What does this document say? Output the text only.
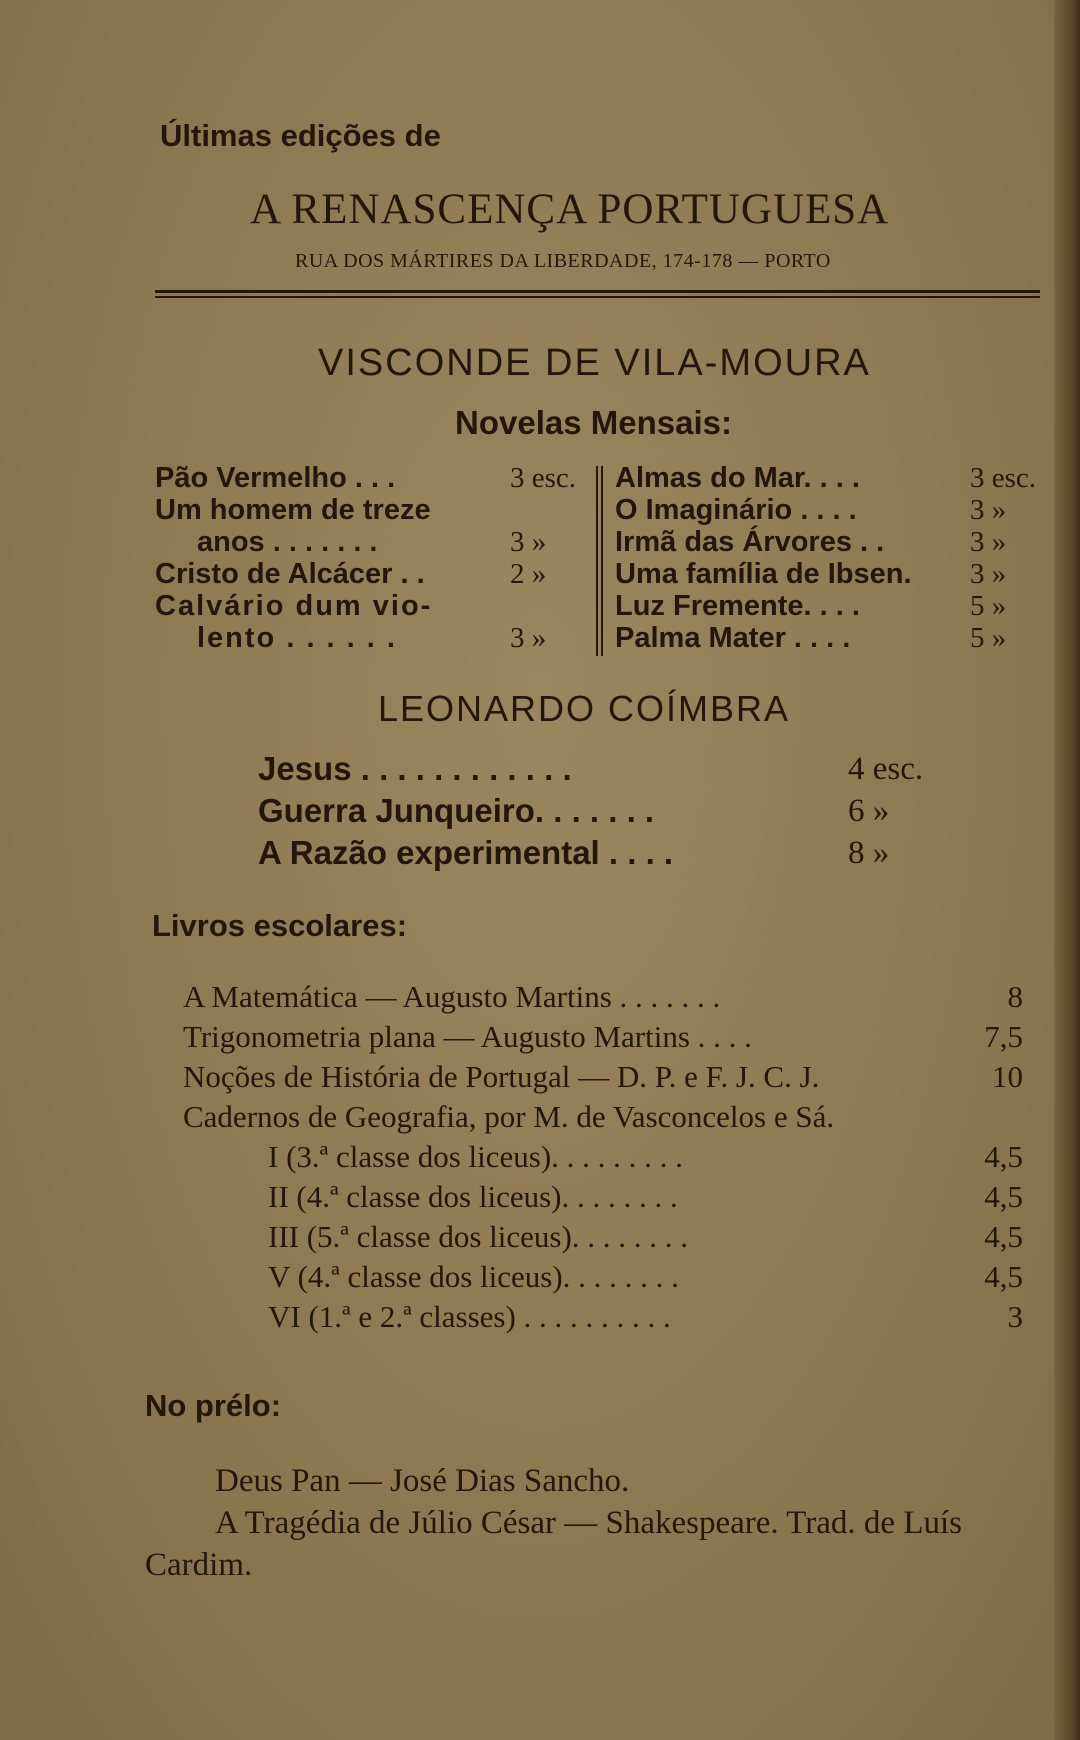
Últimas edições de
A RENASCENÇA PORTUGUESA
RUA DOS MÁRTIRES DA LIBERDADE, 174-178 — PORTO
VISCONDE DE VILA-MOURA
Novelas Mensais:
Pão Vermelho . . .	3 esc.
Um homem de treze
anos . . . . . . .	3 »
Cristo de Alcácer . .	2 »
Calvário dum vio-
lento . . . . . .	3 »
Almas do Mar. . . .	3 esc.
O Imaginário . . . .	3 »
Irmã das Árvores . .	3 »
Uma família de Ibsen. 3 »
Luz Fremente. . . .	5 »
Palma Mater . . . .	5 »
LEONARDO COÍMBRA
Jesus . . . . . . . . . . . .	4 esc.
Guerra Junqueiro. . . . . . .	6 »
A Razão experimental . . . .	8 »
Livros escolares:
A Matemática — Augusto Martins . . . . . . .	8
Trigonometria plana — Augusto Martins . . . .	7,5
Noções de História de Portugal — D. P. e F. J. C. J.	10
Cadernos de Geografia, por M. de Vasconcelos e Sá.
I (3.ª classe dos liceus). . . . . . . . .	4,5
II (4.ª classe dos liceus). . . . . . . .	4,5
III (5.ª classe dos liceus). . . . . . . .	4,5
V (4.ª classe dos liceus). . . . . . . .	4,5
VI (1.ª e 2.ª classes) . . . . . . . . . .	3
No prélo:
Deus Pan — José Dias Sancho.
A Tragédia de Júlio César — Shakespeare. Trad. de Luís
Cardim.
